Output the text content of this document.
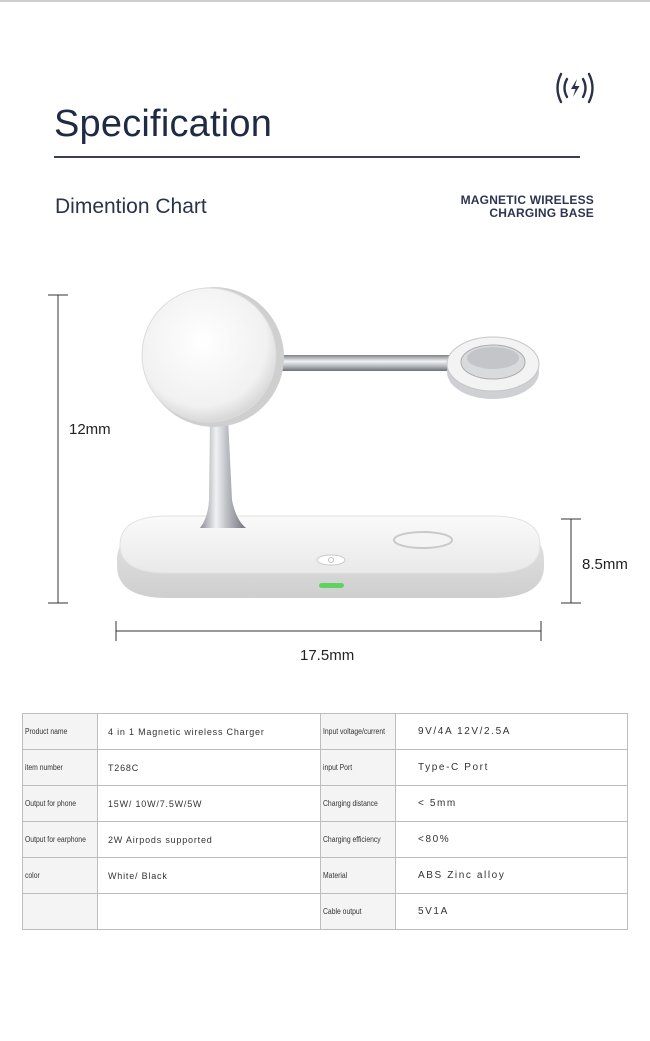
Specification
Dimention Chart	MAGNETIC WIRELESS
CHARGING BASE
12mm
8.5mm
17.5mm
Product name	4 in 1 Magnetic wireless Charger	Input voltage/current	9V/4A 12V/2.5A
item number	T268C	input Port	Type-C Port
Output for phone	15W/ 10W/7.5W/5W	Charging distance	< 5mm
Output for earphone	2W Airpods supported	Charging efficiency	<80%
color	White/ Black	Material	ABS Zinc alloy
		Cable output	5V1A
